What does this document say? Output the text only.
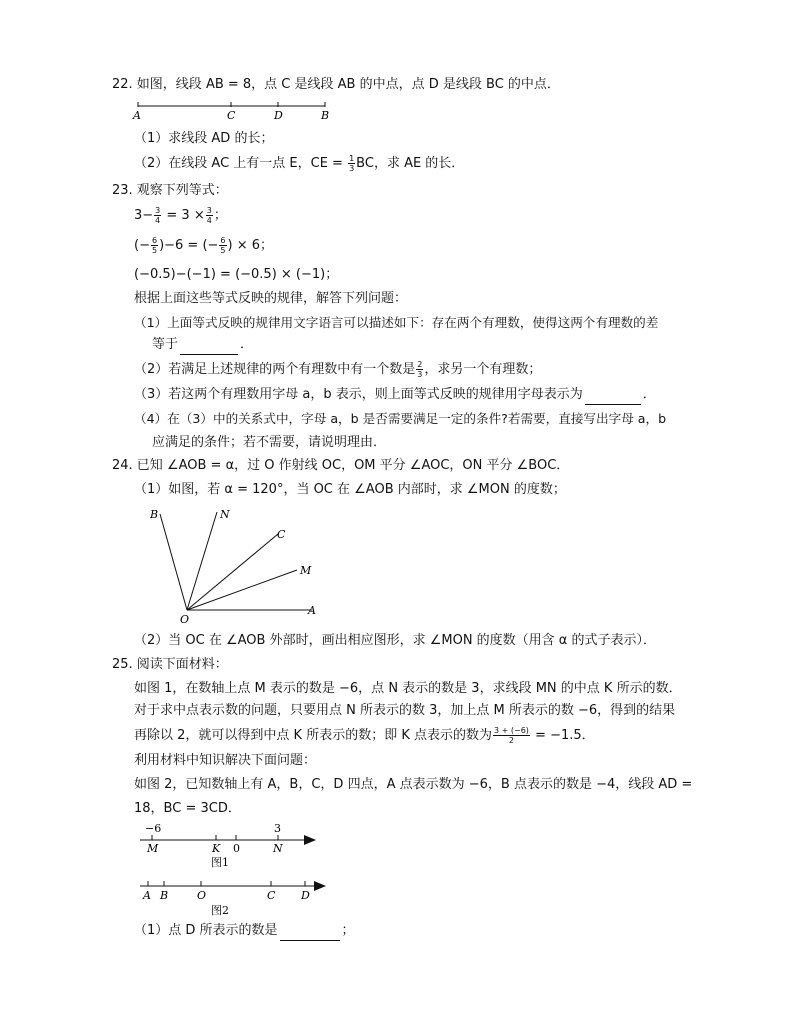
22. 如图，线段 AB = 8，点 C 是线段 AB 的中点，点 D 是线段 BC 的中点．
A	C	D	B
（1）求线段 AD 的长；
（2）在线段 AC 上有一点 E，CE = $\frac{1}{3}$ BC，求 AE 的长．
23. 观察下列等式：
$3- \frac{3}{4} = 3 \times \frac{3}{4}$ ；
(− $\frac{6}{5} )-6$ = (− $\frac{6}{5}$ ) × 6；
(−0.5)−(−1) = (−0.5) × (−1)；
根据上面这些等式反映的规律，解答下列问题：
（1）上面等式反映的规律用文字语言可以描述如下：存在两个有理数，使得这两个有理数的差
等于	．
（2）若满足上述规律的两个有理数中有一个数是 $\frac{2}{3}$ ，求另一个有理数；
（3）若这两个有理数用字母 a，b 表示，则上面等式反映的规律用字母表示为	．
（4）在（3）中的关系式中，字母 a，b 是否需要满足一定的条件?若需要，直接写出字母 a，b
应满足的条件；若不需要，请说明理由．
24. 已知 ∠AOB = α，过 O 作射线 OC，OM 平分 ∠AOC，ON 平分 ∠BOC．
（1）如图，若 α = 120°，当 OC 在 ∠AOB 内部时，求 ∠MON 的度数；
B	N
C
M
A
O
（2）当 OC 在 ∠AOB 外部时，画出相应图形，求 ∠MON 的度数（用含 α 的式子表示）．
25. 阅读下面材料：
如图 1，在数轴上点 M 表示的数是 −6，点 N 表示的数是 3，求线段 MN 的中点 K 所示的数．
对于求中点表示数的问题，只要用点 N 所表示的数 3，加上点 M 所表示的数 −6，得到的结果
再除以 2，就可以得到中点 K 所表示的数；即 K 点表示的数为 $\frac{3 + (-6)}{2} = -1.5$．
利用材料中知识解决下面问题：
如图 2，已知数轴上有 A，B，C，D 四点，A 点表示数为 −6，B 点表示的数是 −4，线段 AD =
18，BC = 3CD．
−6	3
M	K 0	N
图1
A B	O	C D
图2
（1）点 D 所表示的数是	；
